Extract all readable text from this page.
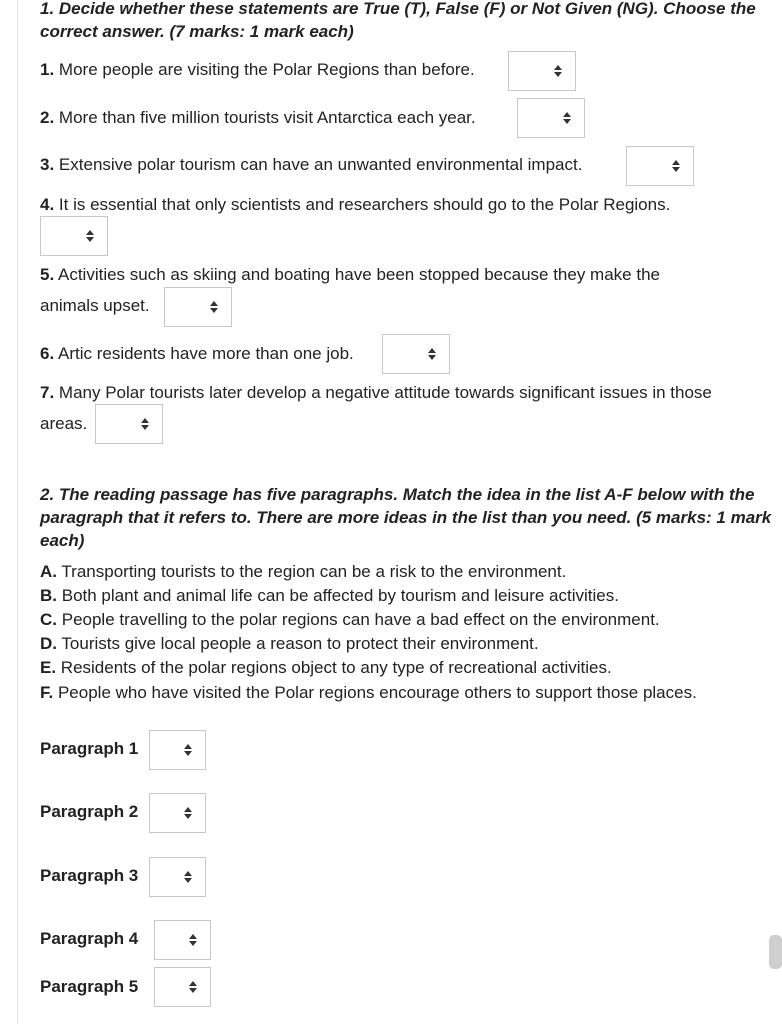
1. Decide whether these statements are True (T), False (F) or Not Given (NG). Choose the
correct answer. (7 marks: 1 mark each)
1. More people are visiting the Polar Regions than before.
2. More than five million tourists visit Antarctica each year.
3. Extensive polar tourism can have an unwanted environmental impact.
4. It is essential that only scientists and researchers should go to the Polar Regions.
5. Activities such as skiing and boating have been stopped because they make the
animals upset.
6. Artic residents have more than one job.
7. Many Polar tourists later develop a negative attitude towards significant issues in those
areas.
2. The reading passage has five paragraphs. Match the idea in the list A-F below with the
paragraph that it refers to. There are more ideas in the list than you need. (5 marks: 1 mark
each)
A. Transporting tourists to the region can be a risk to the environment.
B. Both plant and animal life can be affected by tourism and leisure activities.
C. People travelling to the polar regions can have a bad effect on the environment.
D. Tourists give local people a reason to protect their environment.
E. Residents of the polar regions object to any type of recreational activities.
F. People who have visited the Polar regions encourage others to support those places.
Paragraph 1
Paragraph 2
Paragraph 3
Paragraph 4
Paragraph 5
